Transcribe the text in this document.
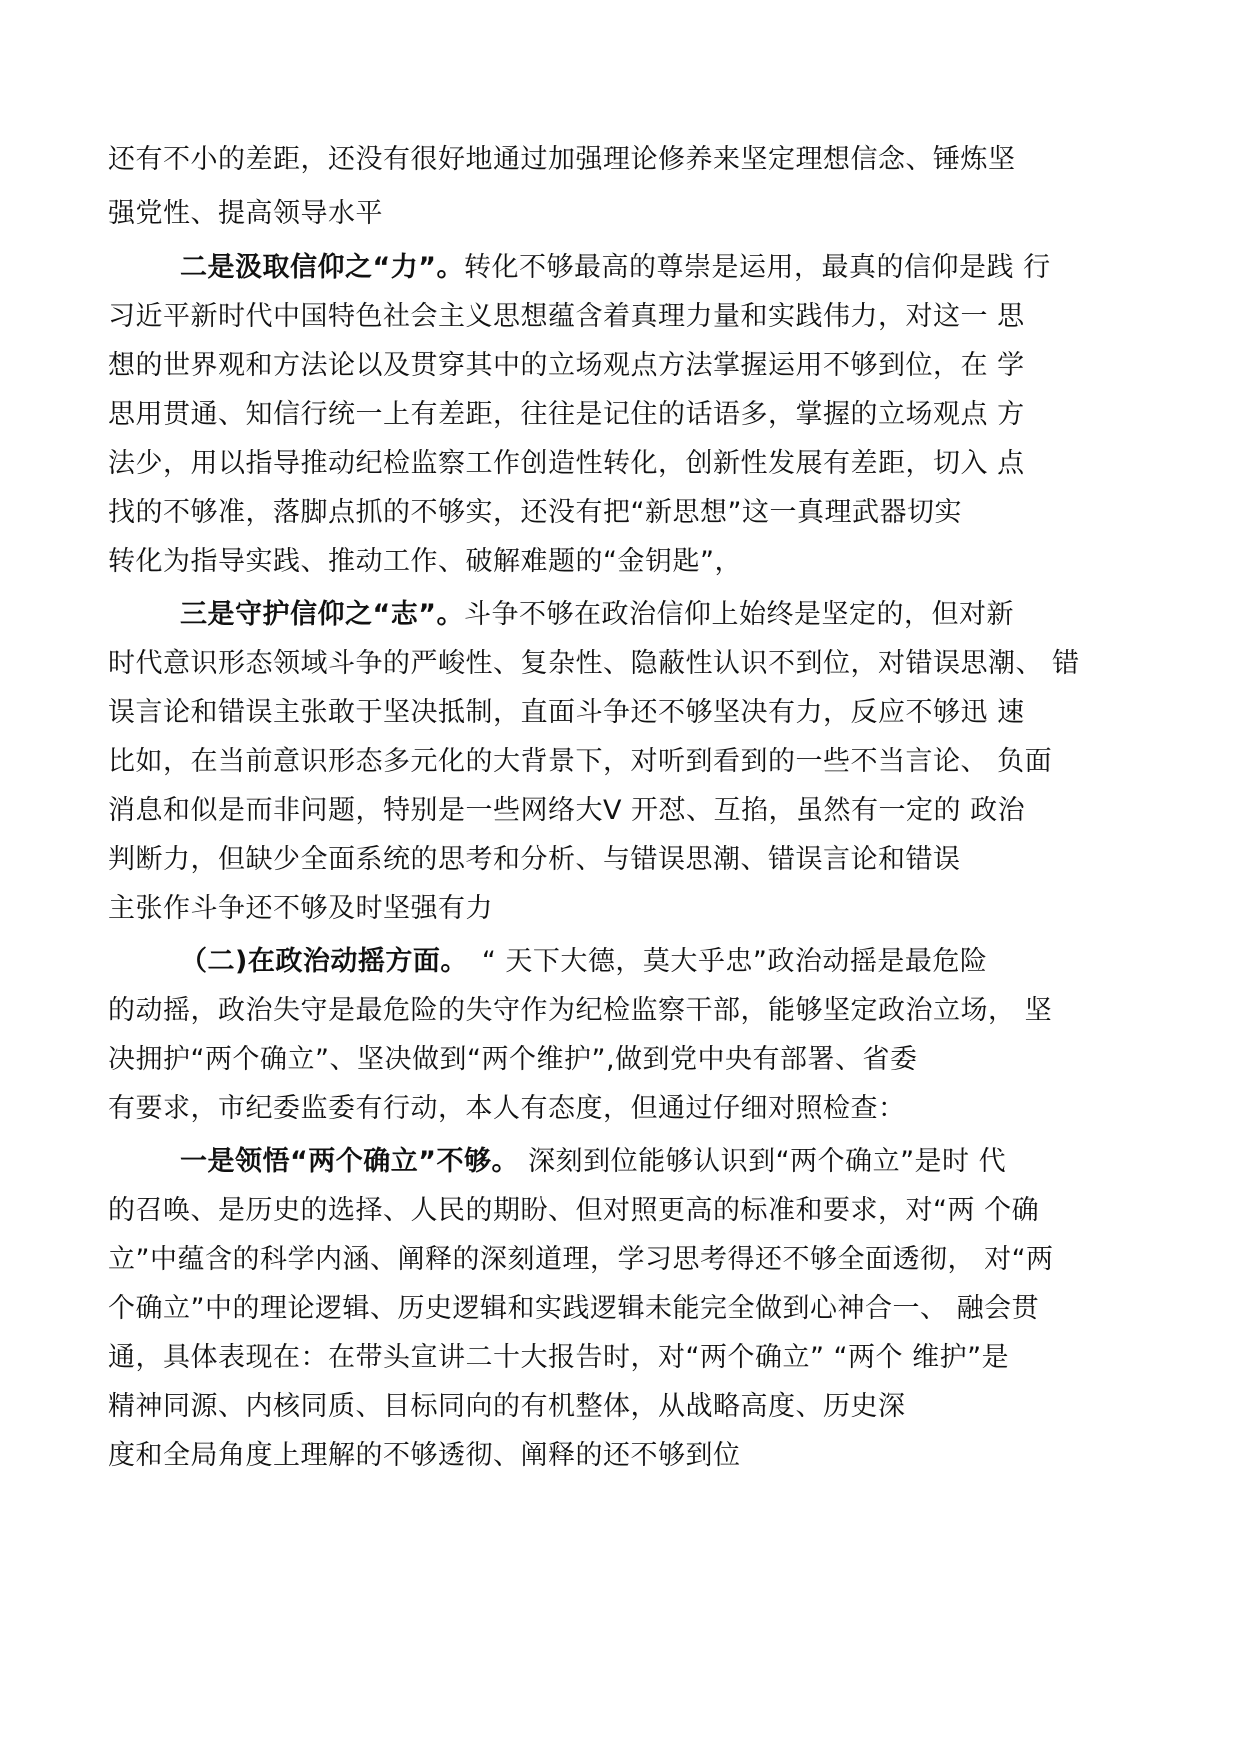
还有不小的差距，还没有很好地通过加强理论修养来坚定理想信念、锤炼坚
强党性、提高领导水平
二是汲取信仰之“力”。转化不够最高的尊崇是运用，最真的信仰是践 行
习近平新时代中国特色社会主义思想蕴含着真理力量和实践伟力，对这一 思
想的世界观和方法论以及贯穿其中的立场观点方法掌握运用不够到位，在 学
思用贯通、知信行统一上有差距，往往是记住的话语多，掌握的立场观点 方
法少，用以指导推动纪检监察工作创造性转化，创新性发展有差距，切入 点
找的不够准，落脚点抓的不够实，还没有把“新思想”这一真理武器切实
转化为指导实践、推动工作、破解难题的“金钥匙”，
三是守护信仰之“志”。斗争不够在政治信仰上始终是坚定的，但对新
时代意识形态领域斗争的严峻性、复杂性、隐蔽性认识不到位，对错误思潮、 错
误言论和错误主张敢于坚决抵制，直面斗争还不够坚决有力，反应不够迅 速
比如，在当前意识形态多元化的大背景下，对听到看到的一些不当言论、 负面
消息和似是而非问题，特别是一些网络大V 开怼、互掐，虽然有一定的 政治
判断力，但缺少全面系统的思考和分析、与错误思潮、错误言论和错误
主张作斗争还不够及时坚强有力
（二)在政治动摇方面。　“ 天下大德，莫大乎忠”政治动摇是最危险
的动摇，政治失守是最危险的失守作为纪检监察干部，能够坚定政治立场， 坚
决拥护“两个确立”、坚决做到“两个维护”,做到党中央有部署、省委
有要求，市纪委监委有行动，本人有态度，但通过仔细对照检查：
一是领悟“两个确立”不够。 深刻到位能够认识到“两个确立”是时 代
的召唤、是历史的选择、人民的期盼、但对照更高的标准和要求，对“两 个确
立”中蕴含的科学内涵、阐释的深刻道理，学习思考得还不够全面透彻， 对“两
个确立”中的理论逻辑、历史逻辑和实践逻辑未能完全做到心神合一、 融会贯
通，具体表现在：在带头宣讲二十大报告时，对“两个确立” “两个 维护”是
精神同源、内核同质、目标同向的有机整体，从战略高度、历史深
度和全局角度上理解的不够透彻、阐释的还不够到位
